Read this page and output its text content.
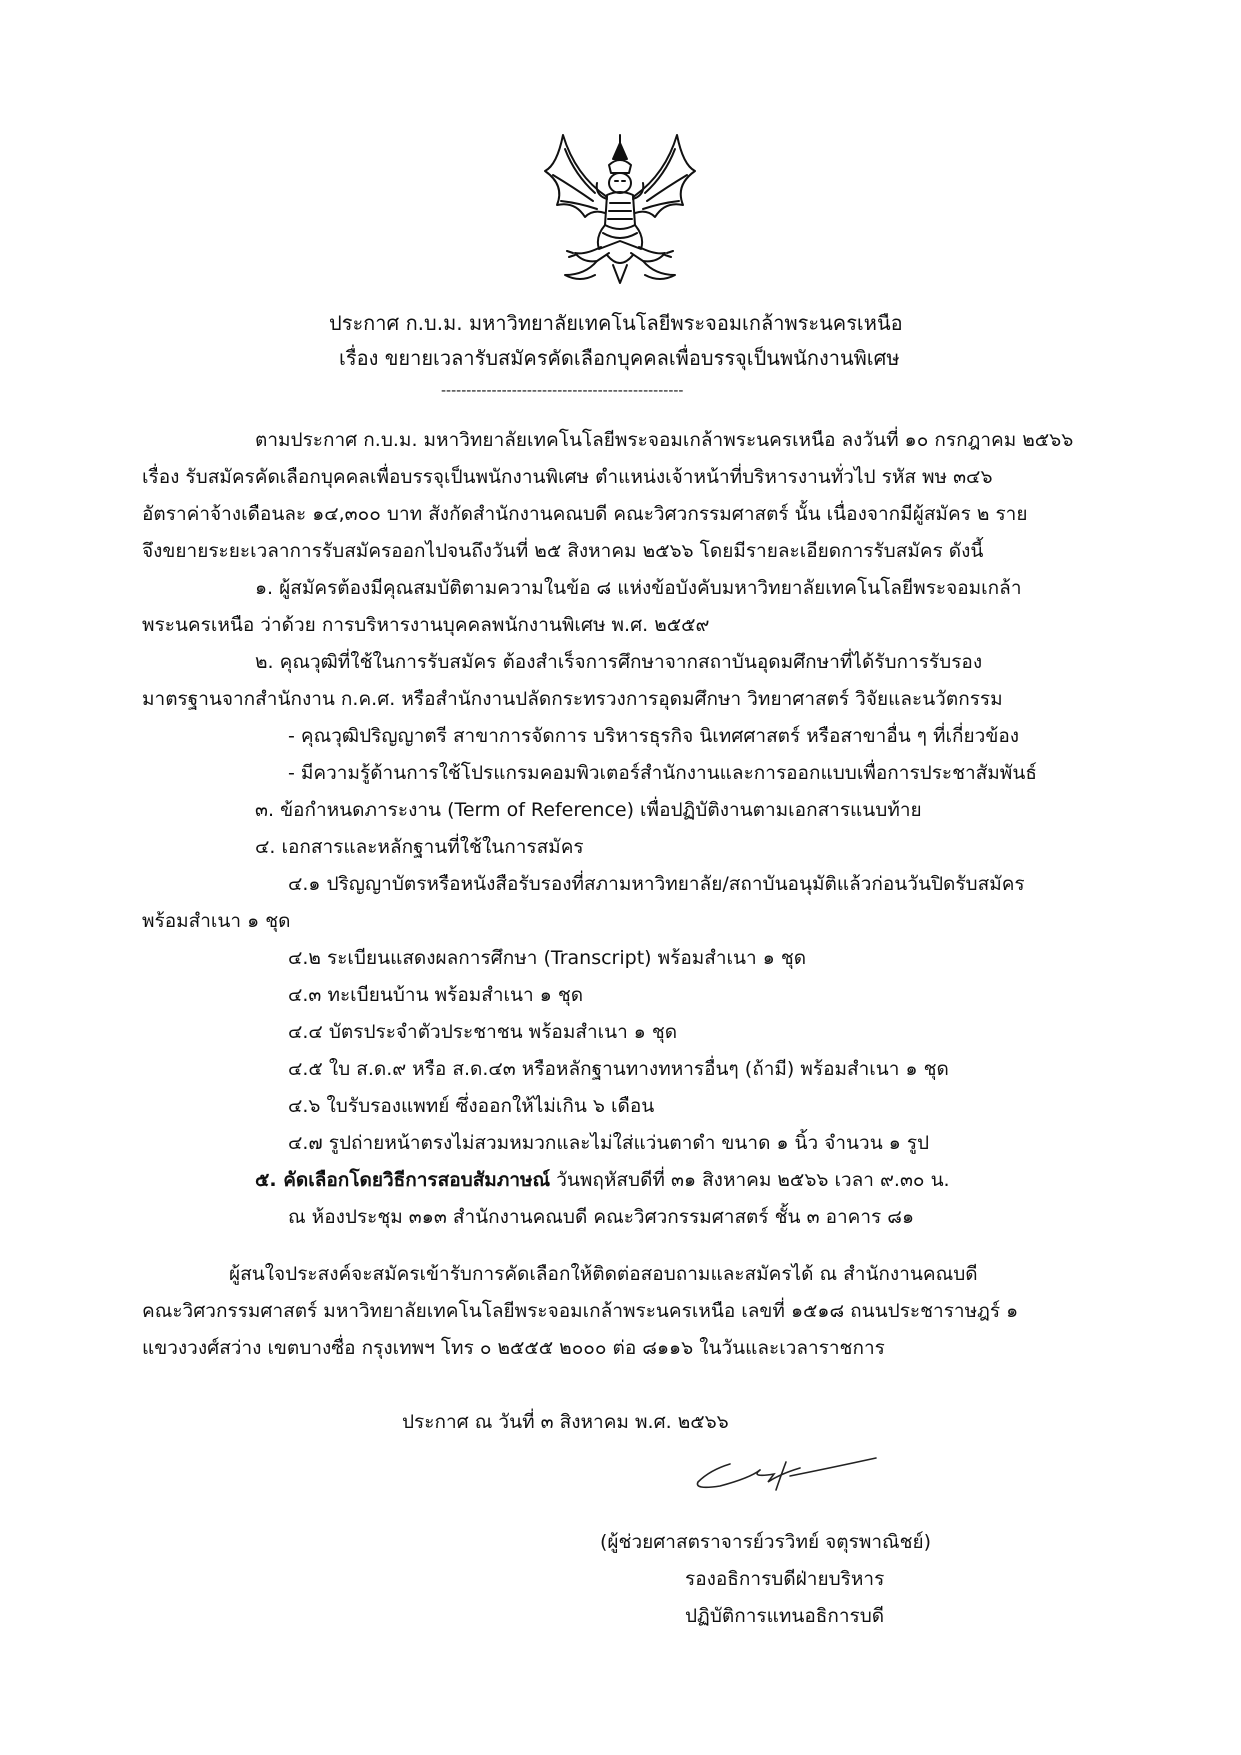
ประกาศ ก.บ.ม. มหาวิทยาลัยเทคโนโลยีพระจอมเกล้าพระนครเหนือ
เรื่อง ขยายเวลารับสมัครคัดเลือกบุคคลเพื่อบรรจุเป็นพนักงานพิเศษ
------------------------------------------------
ตามประกาศ ก.บ.ม. มหาวิทยาลัยเทคโนโลยีพระจอมเกล้าพระนครเหนือ ลงวันที่ ๑๐ กรกฎาคม ๒๕๖๖
เรื่อง รับสมัครคัดเลือกบุคคลเพื่อบรรจุเป็นพนักงานพิเศษ ตำแหน่งเจ้าหน้าที่บริหารงานทั่วไป รหัส พษ ๓๔๖
อัตราค่าจ้างเดือนละ ๑๔,๓๐๐ บาท สังกัดสำนักงานคณบดี คณะวิศวกรรมศาสตร์ นั้น เนื่องจากมีผู้สมัคร ๒ ราย
จึงขยายระยะเวลาการรับสมัครออกไปจนถึงวันที่ ๒๕ สิงหาคม ๒๕๖๖ โดยมีรายละเอียดการรับสมัคร ดังนี้
๑. ผู้สมัครต้องมีคุณสมบัติตามความในข้อ ๘ แห่งข้อบังคับมหาวิทยาลัยเทคโนโลยีพระจอมเกล้า
พระนครเหนือ ว่าด้วย การบริหารงานบุคคลพนักงานพิเศษ พ.ศ. ๒๕๕๙
๒. คุณวุฒิที่ใช้ในการรับสมัคร ต้องสำเร็จการศึกษาจากสถาบันอุดมศึกษาที่ได้รับการรับรอง
มาตรฐานจากสำนักงาน ก.ค.ศ. หรือสำนักงานปลัดกระทรวงการอุดมศึกษา วิทยาศาสตร์ วิจัยและนวัตกรรม
- คุณวุฒิปริญญาตรี สาขาการจัดการ บริหารธุรกิจ นิเทศศาสตร์ หรือสาขาอื่น ๆ ที่เกี่ยวข้อง
- มีความรู้ด้านการใช้โปรแกรมคอมพิวเตอร์สำนักงานและการออกแบบเพื่อการประชาสัมพันธ์
๓. ข้อกำหนดภาระงาน (Term of Reference) เพื่อปฏิบัติงานตามเอกสารแนบท้าย
๔. เอกสารและหลักฐานที่ใช้ในการสมัคร
๔.๑ ปริญญาบัตรหรือหนังสือรับรองที่สภามหาวิทยาลัย/สถาบันอนุมัติแล้วก่อนวันปิดรับสมัคร
พร้อมสำเนา ๑ ชุด
๔.๒ ระเบียนแสดงผลการศึกษา (Transcript) พร้อมสำเนา ๑ ชุด
๔.๓ ทะเบียนบ้าน พร้อมสำเนา ๑ ชุด
๔.๔ บัตรประจำตัวประชาชน พร้อมสำเนา ๑ ชุด
๔.๕ ใบ ส.ด.๙ หรือ ส.ด.๔๓ หรือหลักฐานทางทหารอื่นๆ (ถ้ามี) พร้อมสำเนา ๑ ชุด
๔.๖ ใบรับรองแพทย์ ซึ่งออกให้ไม่เกิน ๖ เดือน
๔.๗ รูปถ่ายหน้าตรงไม่สวมหมวกและไม่ใส่แว่นตาดำ ขนาด ๑ นิ้ว จำนวน ๑ รูป
๕. คัดเลือกโดยวิธีการสอบสัมภาษณ์ วันพฤหัสบดีที่ ๓๑ สิงหาคม ๒๕๖๖ เวลา ๙.๓๐ น.
ณ ห้องประชุม ๓๑๓ สำนักงานคณบดี คณะวิศวกรรมศาสตร์ ชั้น ๓ อาคาร ๘๑
ผู้สนใจประสงค์จะสมัครเข้ารับการคัดเลือกให้ติดต่อสอบถามและสมัครได้ ณ สำนักงานคณบดี
คณะวิศวกรรมศาสตร์ มหาวิทยาลัยเทคโนโลยีพระจอมเกล้าพระนครเหนือ เลขที่ ๑๕๑๘ ถนนประชาราษฎร์ ๑
แขวงวงศ์สว่าง เขตบางซื่อ กรุงเทพฯ โทร ๐ ๒๕๕๕ ๒๐๐๐ ต่อ ๘๑๑๖ ในวันและเวลาราชการ
ประกาศ ณ วันที่ ๓ สิงหาคม พ.ศ. ๒๕๖๖
(ผู้ช่วยศาสตราจารย์วรวิทย์ จตุรพาณิชย์)
รองอธิการบดีฝ่ายบริหาร
ปฏิบัติการแทนอธิการบดี
